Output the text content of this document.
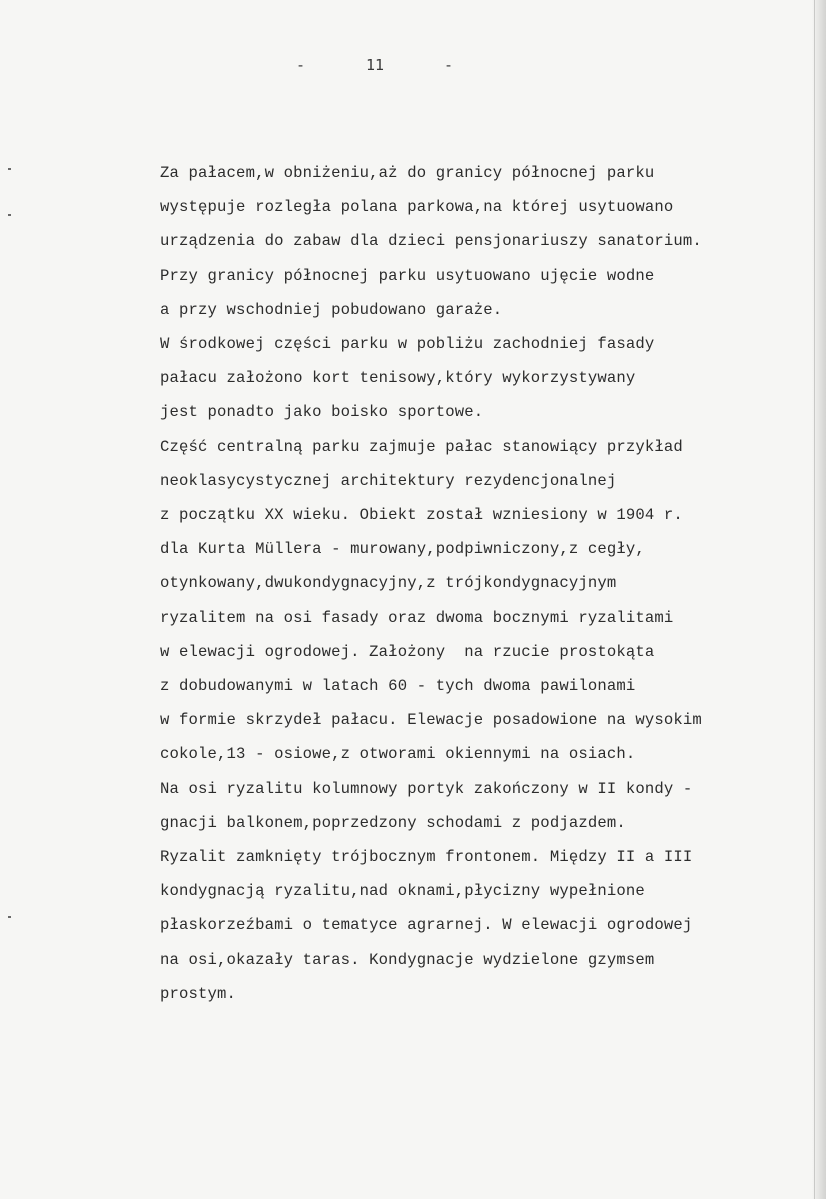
-	11	-
Za pałacem,w obniżeniu,aż do granicy północnej parku
występuje rozległa polana parkowa,na której usytuowano
urządzenia do zabaw dla dzieci pensjonariuszy sanatorium.
Przy granicy północnej parku usytuowano ujęcie wodne
a przy wschodniej pobudowano garaże.
W środkowej części parku w pobliżu zachodniej fasady
pałacu założono kort tenisowy,który wykorzystywany
jest ponadto jako boisko sportowe.
Część centralną parku zajmuje pałac stanowiący przykład
neoklasycystycznej architektury rezydencjonalnej
z początku XX wieku. Obiekt został wzniesiony w 1904 r.
dla Kurta Müllera - murowany,podpiwniczony,z cegły,
otynkowany,dwukondygnacyjny,z trójkondygnacyjnym
ryzalitem na osi fasady oraz dwoma bocznymi ryzalitami
w elewacji ogrodowej. Założony  na rzucie prostokąta
z dobudowanymi w latach 60 - tych dwoma pawilonami
w formie skrzydeł pałacu. Elewacje posadowione na wysokim
cokole,13 - osiowe,z otworami okiennymi na osiach.
Na osi ryzalitu kolumnowy portyk zakończony w II kondy -
gnacji balkonem,poprzedzony schodami z podjazdem.
Ryzalit zamknięty trójbocznym frontonem. Między II a III
kondygnacją ryzalitu,nad oknami,płycizny wypełnione
płaskorzeźbami o tematyce agrarnej. W elewacji ogrodowej
na osi,okazały taras. Kondygnacje wydzielone gzymsem
prostym.
